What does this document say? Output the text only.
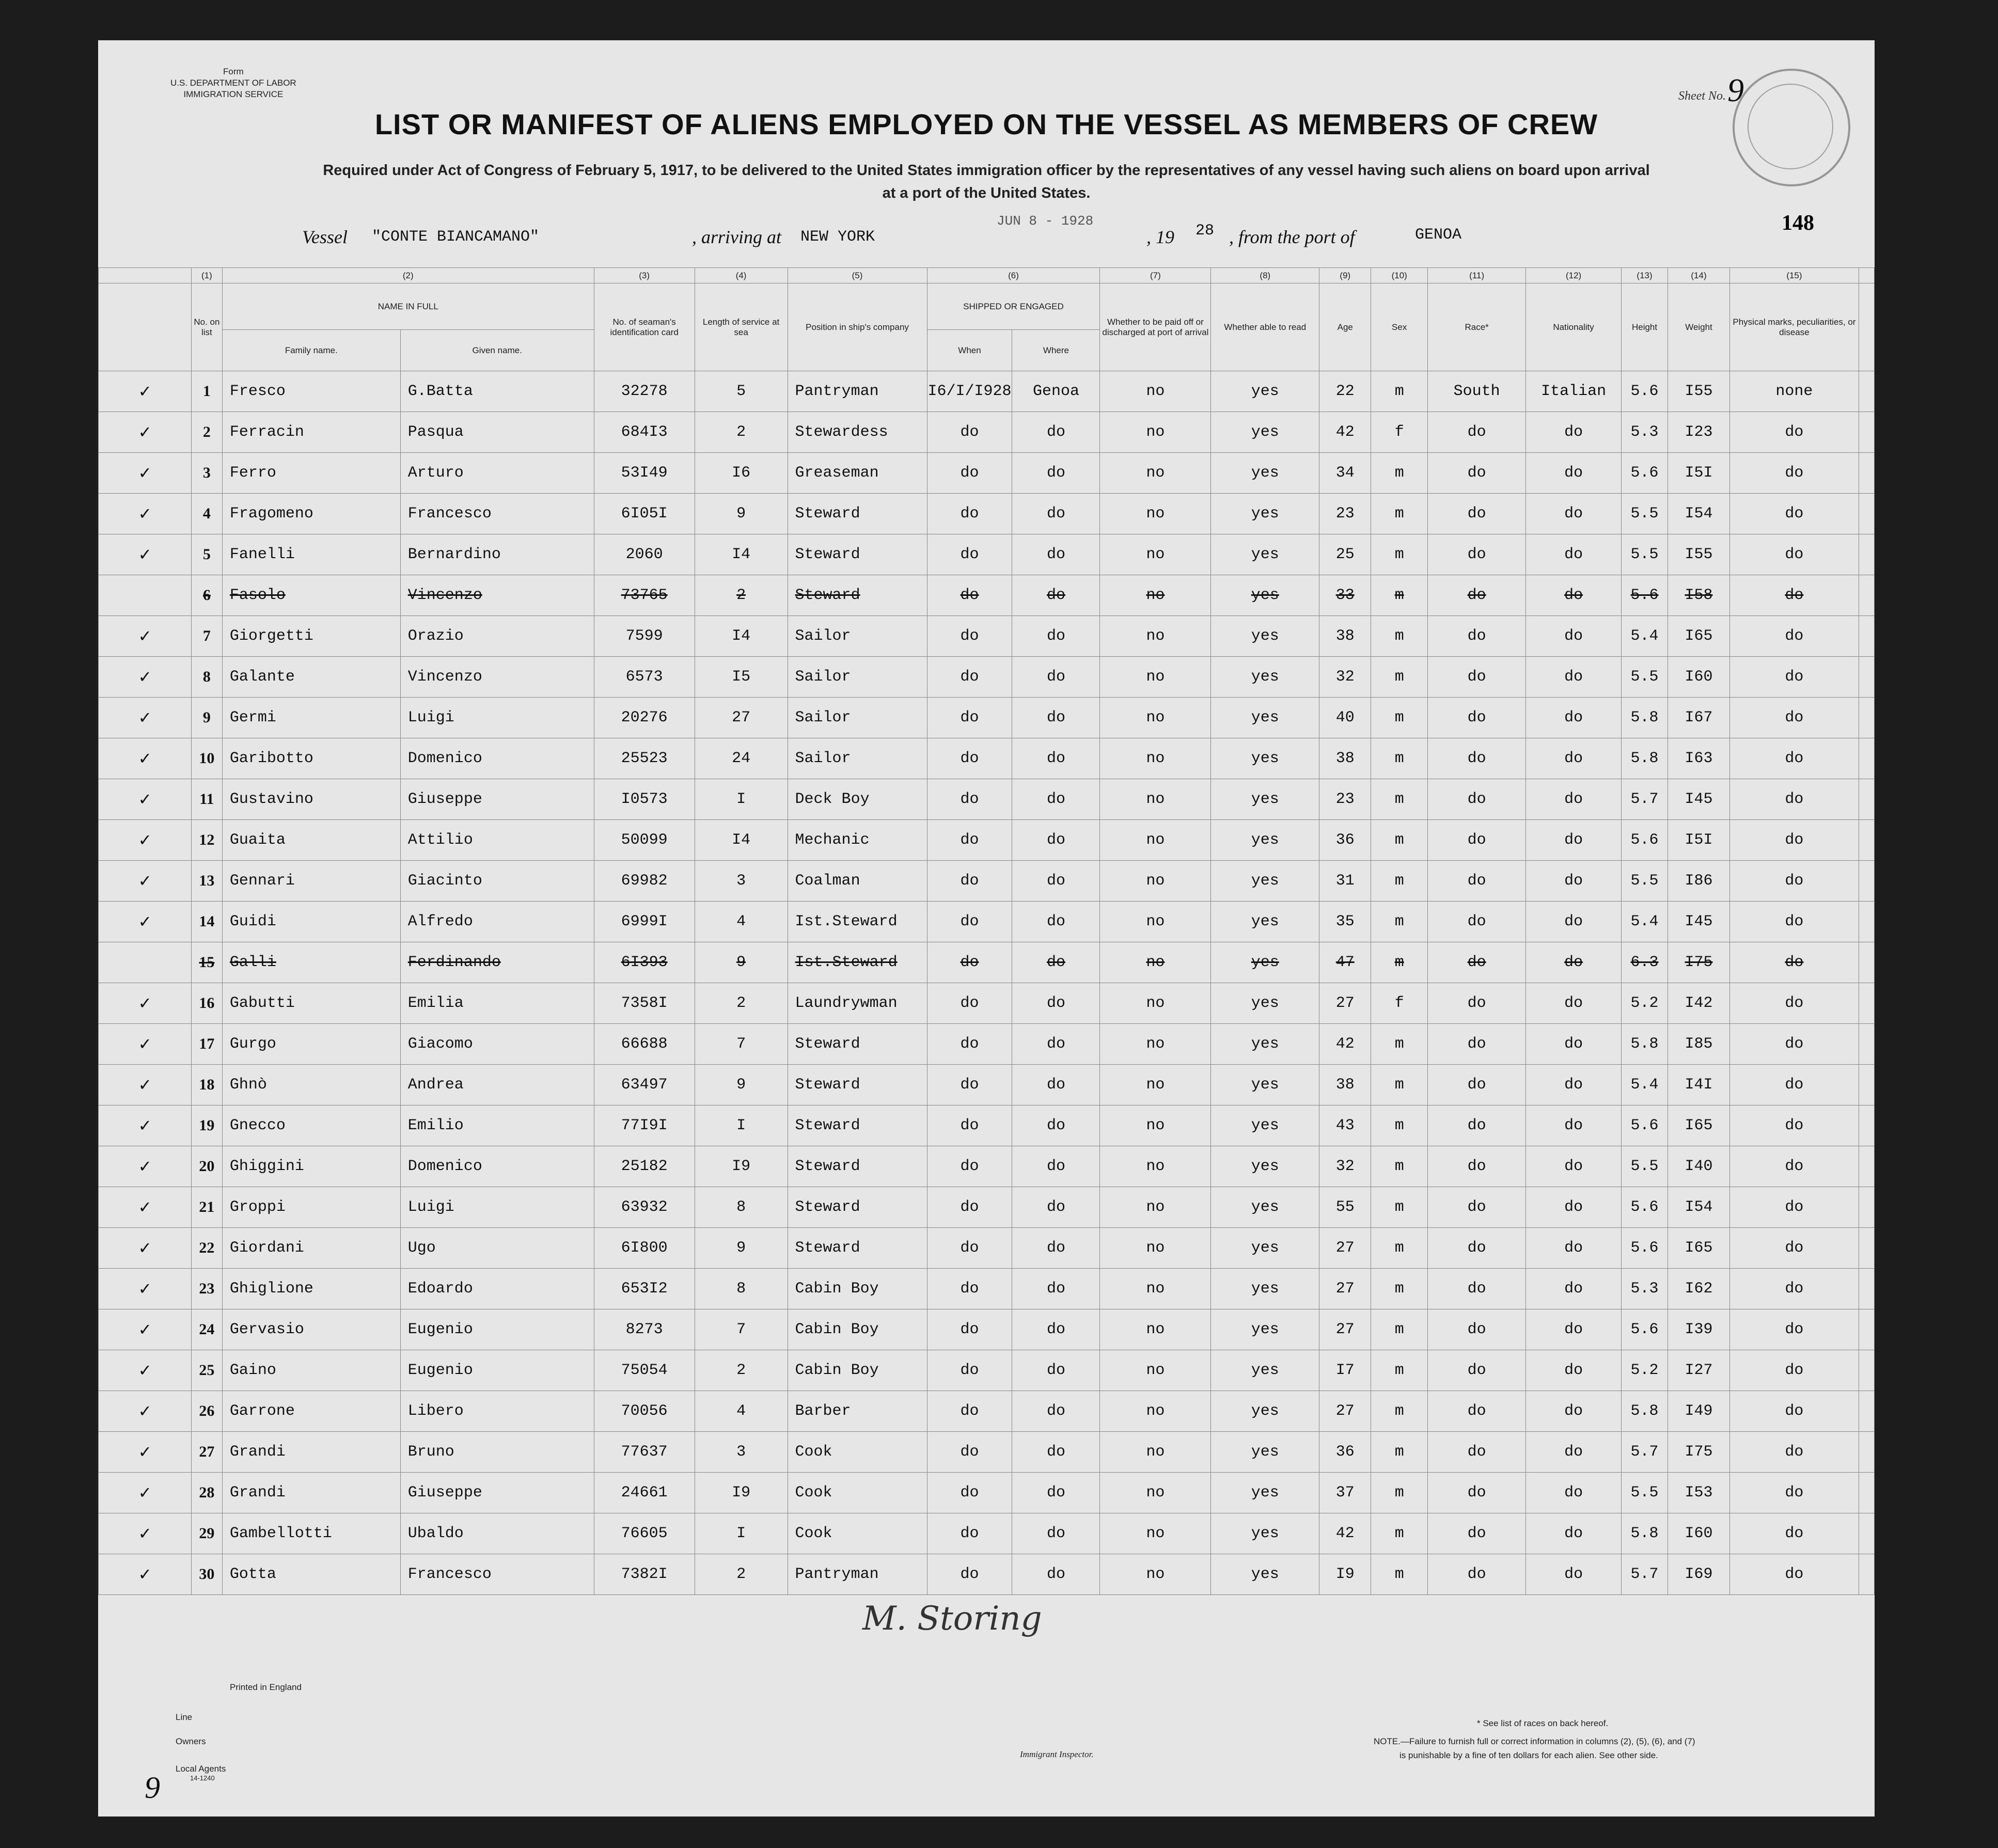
Form
U.S. DEPARTMENT OF LABOR
IMMIGRATION SERVICE	Sheet No. 9
LIST OR MANIFEST OF ALIENS EMPLOYED ON THE VESSEL AS MEMBERS OF CREW
Required under Act of Congress of February 5, 1917, to be delivered to the United States immigration officer by the representatives of any vessel having such aliens on board upon arrival at a port of the United States.
Vessel "CONTE BIANCAMANO"	, arriving at NEW YORK
JUN 8 - 1928
, 19 28 , from the port of	GENOA	148
	(1)	(2)		(3)	(4)	(5)	(6)		(7)	(8)	(9)	(10)	(11)	(12)	(13)	(14)	(15)	
	No. on list	NAME IN FULL		No. of seaman's identification card	Length of service at sea	Position in ship's company	SHIPPED OR ENGAGED		Whether to be paid off or discharged at port of arrival	Whether able to read	Age	Sex	Race*	Nationality	Height	Weight	Physical marks, peculiarities, or disease	
		Family name.	Given name.				When	Where										
✓	1	Fresco	G.Batta	32278	5	Pantryman	I6/I/I928	Genoa	no	yes	22	m	South	Italian	5.6	I55	none	
✓	2	Ferracin	Pasqua	684I3	2	Stewardess	do	do	no	yes	42	f	do	do	5.3	I23	do	
✓	3	Ferro	Arturo	53I49	I6	Greaseman	do	do	no	yes	34	m	do	do	5.6	I5I	do	
✓	4	Fragomeno	Francesco	6I05I	9	Steward	do	do	no	yes	23	m	do	do	5.5	I54	do	
✓	5	Fanelli	Bernardino	2060	I4	Steward	do	do	no	yes	25	m	do	do	5.5	I55	do	
	6	Fasolo	Vincenzo	73765	2	Steward	do	do	no	yes	33	m	do	do	5.6	I58	do	
✓	7	Giorgetti	Orazio	7599	I4	Sailor	do	do	no	yes	38	m	do	do	5.4	I65	do	
✓	8	Galante	Vincenzo	6573	I5	Sailor	do	do	no	yes	32	m	do	do	5.5	I60	do	
✓	9	Germi	Luigi	20276	27	Sailor	do	do	no	yes	40	m	do	do	5.8	I67	do	
✓	10	Garibotto	Domenico	25523	24	Sailor	do	do	no	yes	38	m	do	do	5.8	I63	do	
✓	11	Gustavino	Giuseppe	I0573	I	Deck Boy	do	do	no	yes	23	m	do	do	5.7	I45	do	
✓	12	Guaita	Attilio	50099	I4	Mechanic	do	do	no	yes	36	m	do	do	5.6	I5I	do	
✓	13	Gennari	Giacinto	69982	3	Coalman	do	do	no	yes	31	m	do	do	5.5	I86	do	
✓	14	Guidi	Alfredo	6999I	4	Ist.Steward	do	do	no	yes	35	m	do	do	5.4	I45	do	
	15	Galli	Ferdinando	6I393	9	Ist.Steward	do	do	no	yes	47	m	do	do	6.3	I75	do	
✓	16	Gabutti	Emilia	7358I	2	Laundrywman	do	do	no	yes	27	f	do	do	5.2	I42	do	
✓	17	Gurgo	Giacomo	66688	7	Steward	do	do	no	yes	42	m	do	do	5.8	I85	do	
✓	18	Ghnò	Andrea	63497	9	Steward	do	do	no	yes	38	m	do	do	5.4	I4I	do	
✓	19	Gnecco	Emilio	77I9I	I	Steward	do	do	no	yes	43	m	do	do	5.6	I65	do	
✓	20	Ghiggini	Domenico	25182	I9	Steward	do	do	no	yes	32	m	do	do	5.5	I40	do	
✓	21	Groppi	Luigi	63932	8	Steward	do	do	no	yes	55	m	do	do	5.6	I54	do	
✓	22	Giordani	Ugo	6I800	9	Steward	do	do	no	yes	27	m	do	do	5.6	I65	do	
✓	23	Ghiglione	Edoardo	653I2	8	Cabin Boy	do	do	no	yes	27	m	do	do	5.3	I62	do	
✓	24	Gervasio	Eugenio	8273	7	Cabin Boy	do	do	no	yes	27	m	do	do	5.6	I39	do	
✓	25	Gaino	Eugenio	75054	2	Cabin Boy	do	do	no	yes	I7	m	do	do	5.2	I27	do	
✓	26	Garrone	Libero	70056	4	Barber	do	do	no	yes	27	m	do	do	5.8	I49	do	
✓	27	Grandi	Bruno	77637	3	Cook	do	do	no	yes	36	m	do	do	5.7	I75	do	
✓	28	Grandi	Giuseppe	24661	I9	Cook	do	do	no	yes	37	m	do	do	5.5	I53	do	
✓	29	Gambellotti	Ubaldo	76605	I	Cook	do	do	no	yes	42	m	do	do	5.8	I60	do	
✓	30	Gotta	Francesco	7382I	2	Pantryman	do	do	no	yes	I9	m	do	do	5.7	I69	do	
Printed in England
Line
Owners
Local Agents
14-1240
Immigrant Inspector.
* See list of races on back hereof.
NOTE.—Failure to furnish full or correct information in columns (2), (5), (6), and (7)
is punishable by a fine of ten dollars for each alien. See other side.
M. Storing
9
